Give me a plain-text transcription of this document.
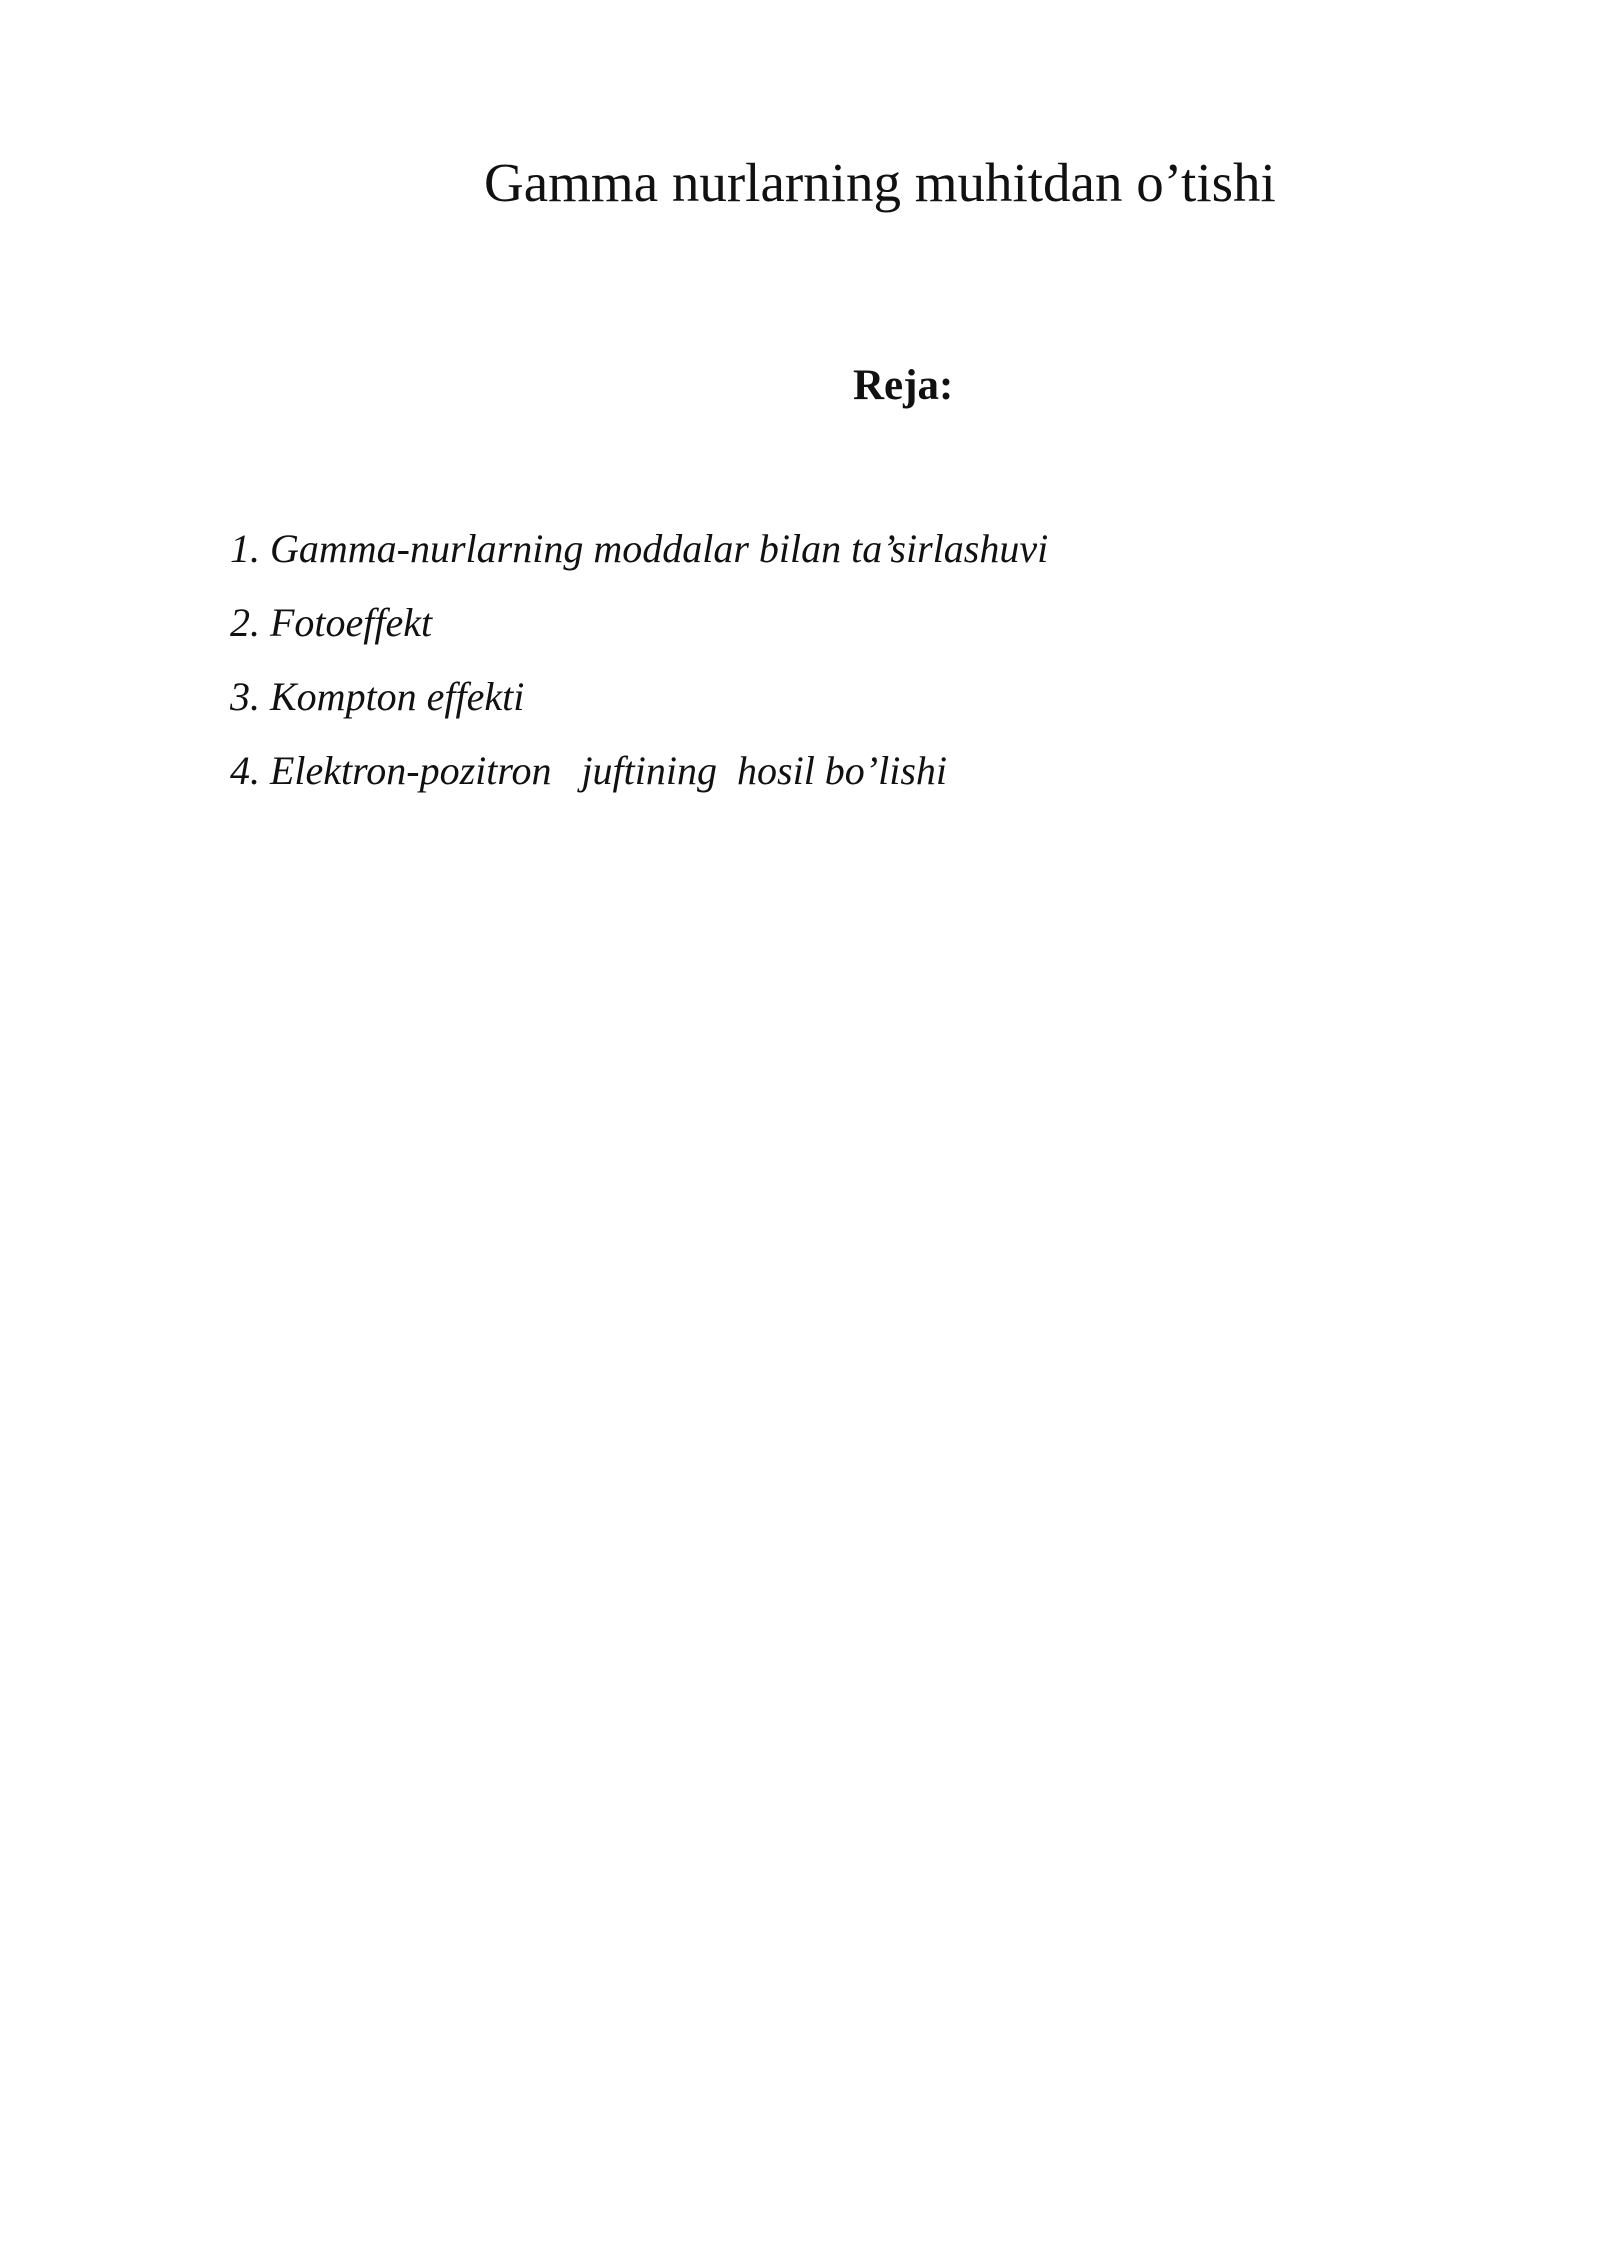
Gamma nurlarning muhitdan o’tishi
Reja:
1. Gamma-nurlarning moddalar bilan ta’sirlashuvi
2. Fotoeffekt
3. Kompton effekti
4. Elektron-pozitron   juftining  hosil bo’lishi
